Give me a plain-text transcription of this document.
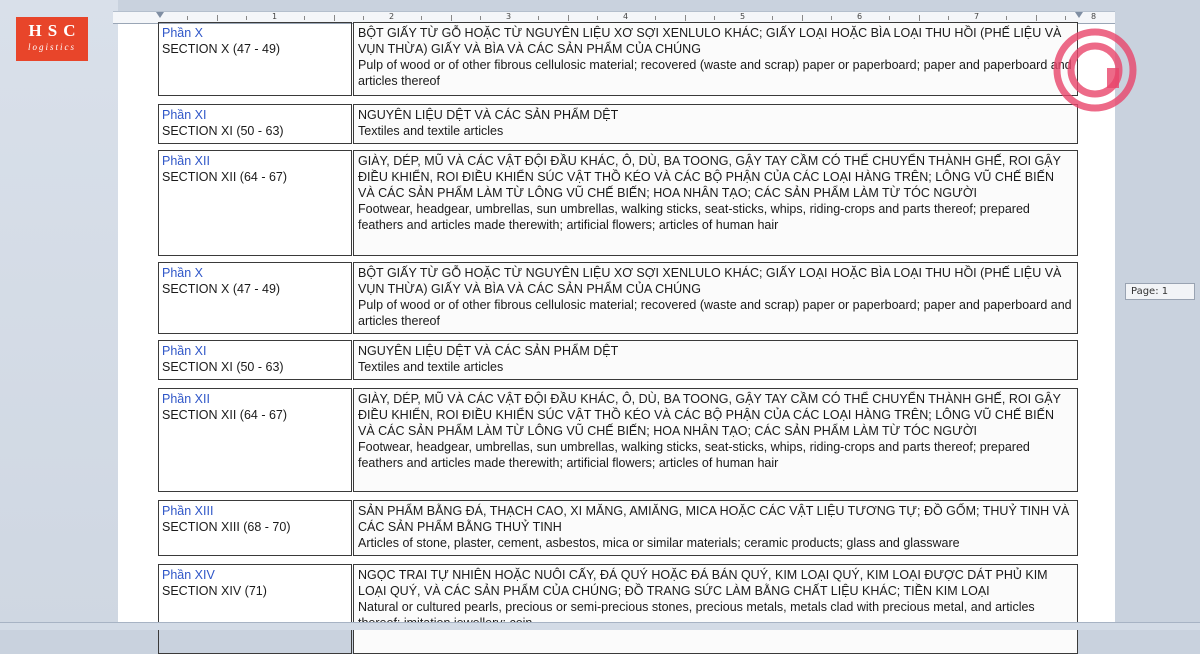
HSC
logistics
1	2	3	4	5	6	7	8
Phần X
SECTION X (47 - 49)
BỘT GIẤY TỪ GỖ HOẶC TỪ NGUYÊN LIỆU XƠ SỢI XENLULO KHÁC; GIẤY LOẠI HOẶC BÌA LOẠI THU HỒI (PHẾ LIỆU VÀ VỤN THỪA) GIẤY VÀ BÌA VÀ CÁC SẢN PHẨM CỦA CHÚNG
Pulp of wood or of other fibrous cellulosic material; recovered (waste and scrap) paper or paperboard; paper and paperboard and articles thereof
Phần XI
SECTION XI (50 - 63)
NGUYÊN LIỆU DỆT VÀ CÁC SẢN PHẨM DỆT
Textiles and textile articles
Phần XII
SECTION XII (64 - 67)
GIÀY, DÉP, MŨ VÀ CÁC VẬT ĐỘI ĐẦU KHÁC, Ô, DÙ, BA TOONG, GẬY TAY CẦM CÓ THỂ CHUYỂN THÀNH GHẾ, ROI GẬY ĐIỀU KHIỂN, ROI ĐIỀU KHIỂN SÚC VẬT THỒ KÉO VÀ CÁC BỘ PHẬN CỦA CÁC LOẠI HÀNG TRÊN; LÔNG VŨ CHẾ BIẾN VÀ CÁC SẢN PHẨM LÀM TỪ LÔNG VŨ CHẾ BIẾN; HOA NHÂN TẠO; CÁC SẢN PHẨM LÀM TỪ TÓC NGƯỜI
Footwear, headgear, umbrellas, sun umbrellas, walking sticks, seat-sticks, whips, riding-crops and parts thereof; prepared feathers and articles made therewith; artificial flowers; articles of human hair
Phần X
SECTION X (47 - 49)
BỘT GIẤY TỪ GỖ HOẶC TỪ NGUYÊN LIỆU XƠ SỢI XENLULO KHÁC; GIẤY LOẠI HOẶC BÌA LOẠI THU HỒI (PHẾ LIỆU VÀ VỤN THỪA) GIẤY VÀ BÌA VÀ CÁC SẢN PHẨM CỦA CHÚNG
Pulp of wood or of other fibrous cellulosic material; recovered (waste and scrap) paper or paperboard; paper and paperboard and articles thereof
Phần XI
SECTION XI (50 - 63)
NGUYÊN LIỆU DỆT VÀ CÁC SẢN PHẨM DỆT
Textiles and textile articles
Phần XII
SECTION XII (64 - 67)
GIÀY, DÉP, MŨ VÀ CÁC VẬT ĐỘI ĐẦU KHÁC, Ô, DÙ, BA TOONG, GẬY TAY CẦM CÓ THỂ CHUYỂN THÀNH GHẾ, ROI GẬY ĐIỀU KHIỂN, ROI ĐIỀU KHIỂN SÚC VẬT THỒ KÉO VÀ CÁC BỘ PHẬN CỦA CÁC LOẠI HÀNG TRÊN; LÔNG VŨ CHẾ BIẾN VÀ CÁC SẢN PHẨM LÀM TỪ LÔNG VŨ CHẾ BIẾN; HOA NHÂN TẠO; CÁC SẢN PHẨM LÀM TỪ TÓC NGƯỜI
Footwear, headgear, umbrellas, sun umbrellas, walking sticks, seat-sticks, whips, riding-crops and parts thereof; prepared feathers and articles made therewith; artificial flowers; articles of human hair
Phần XIII
SECTION XIII (68 - 70)
SẢN PHẨM BẰNG ĐÁ, THẠCH CAO, XI MĂNG, AMIĂNG, MICA HOẶC CÁC VẬT LIỆU TƯƠNG TỰ; ĐỒ GỐM; THUỶ TINH VÀ CÁC SẢN PHẨM BẰNG THUỶ TINH
Articles of stone, plaster, cement, asbestos, mica or similar materials; ceramic products; glass and glassware
Phần XIV
SECTION XIV (71)
NGỌC TRAI TỰ NHIÊN HOẶC NUÔI CẤY, ĐÁ QUÝ HOẶC ĐÁ BÁN QUÝ, KIM LOẠI QUÝ, KIM LOẠI ĐƯỢC DÁT PHỦ KIM LOẠI QUÝ, VÀ CÁC SẢN PHẨM CỦA CHÚNG; ĐỒ TRANG SỨC LÀM BẰNG CHẤT LIỆU KHÁC; TIỀN KIM LOẠI
Natural or cultured pearls, precious or semi-precious stones, precious metals, metals clad with precious metal, and articles
Page: 1
